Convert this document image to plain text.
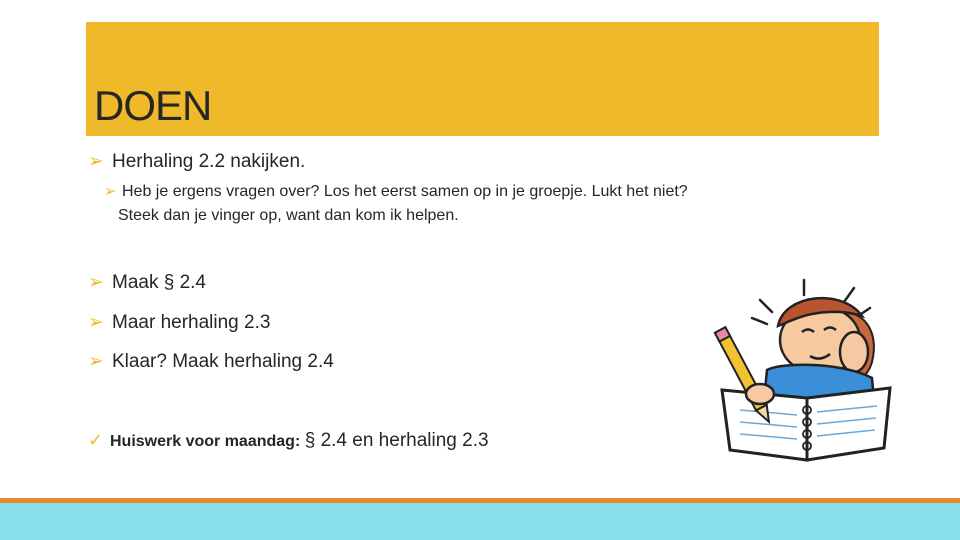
DOEN
➢ Herhaling 2.2 nakijken.
➢ Heb je ergens vragen over? Los het eerst samen op in je groepje. Lukt het niet?
Steek dan je vinger op, want dan kom ik helpen.
➢ Maak § 2.4
➢ Maar herhaling 2.3
➢ Klaar? Maak herhaling 2.4
✓ Huiswerk voor maandag: § 2.4 en herhaling 2.3
